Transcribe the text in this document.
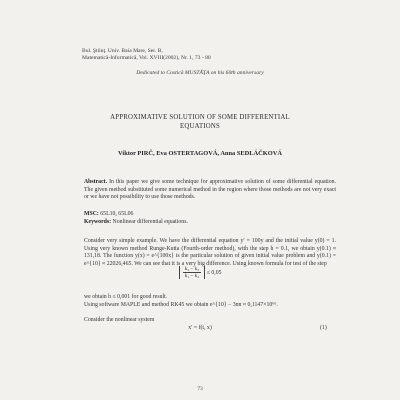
Bul. Ştiinţ. Univ. Baia Mare, Ser. B,
Matematică-Informatică, Vol. XVIII(2002), Nr. 1, 73 - 80
Dedicated to Costică MUSTĂŢA on his 60th anniversary
APPROXIMATIVE SOLUTION OF SOME DIFFERENTIAL
EQUATIONS
Viktor PIRČ, Eva OSTERTAGOVÁ, Anna SEDLÁČKOVÁ
Abstract. In this paper we give some technique for approximative solution of some differential equation. The given method substituted some numerical method in the region where those methods are not very exact or we have not possibility to use those methods.
MSC: 65L10, 65L06
Keywords: Nonlinear differential equations.
Consider very simple example. We have the differential equation y′ = 100y and the initial value y(0) = 1. Using very known method Runge-Kutta (Fourth-order method), with the step h = 0.1, we obtain y(0.1) ≈ 131,18. The function y(x) = e^{100x} is the particular solution of given initial value problem and y(0.1) = e^{10} ≈ 22026,465. We can see that it is a very big difference. Using known formula for test of the step

$\frac{\text{k₂ − k₃}}{\text{k₁ − k₂}} \le 0,05$
we obtain h ≤ 0,001 for good result.
Using software MAPLE and method RK45 we obtain e^{10} − 3nn ≈ 0,1147×10⁶⁶.
Consider the nonlinear system
x′ = f(t, x)	(1)
73
